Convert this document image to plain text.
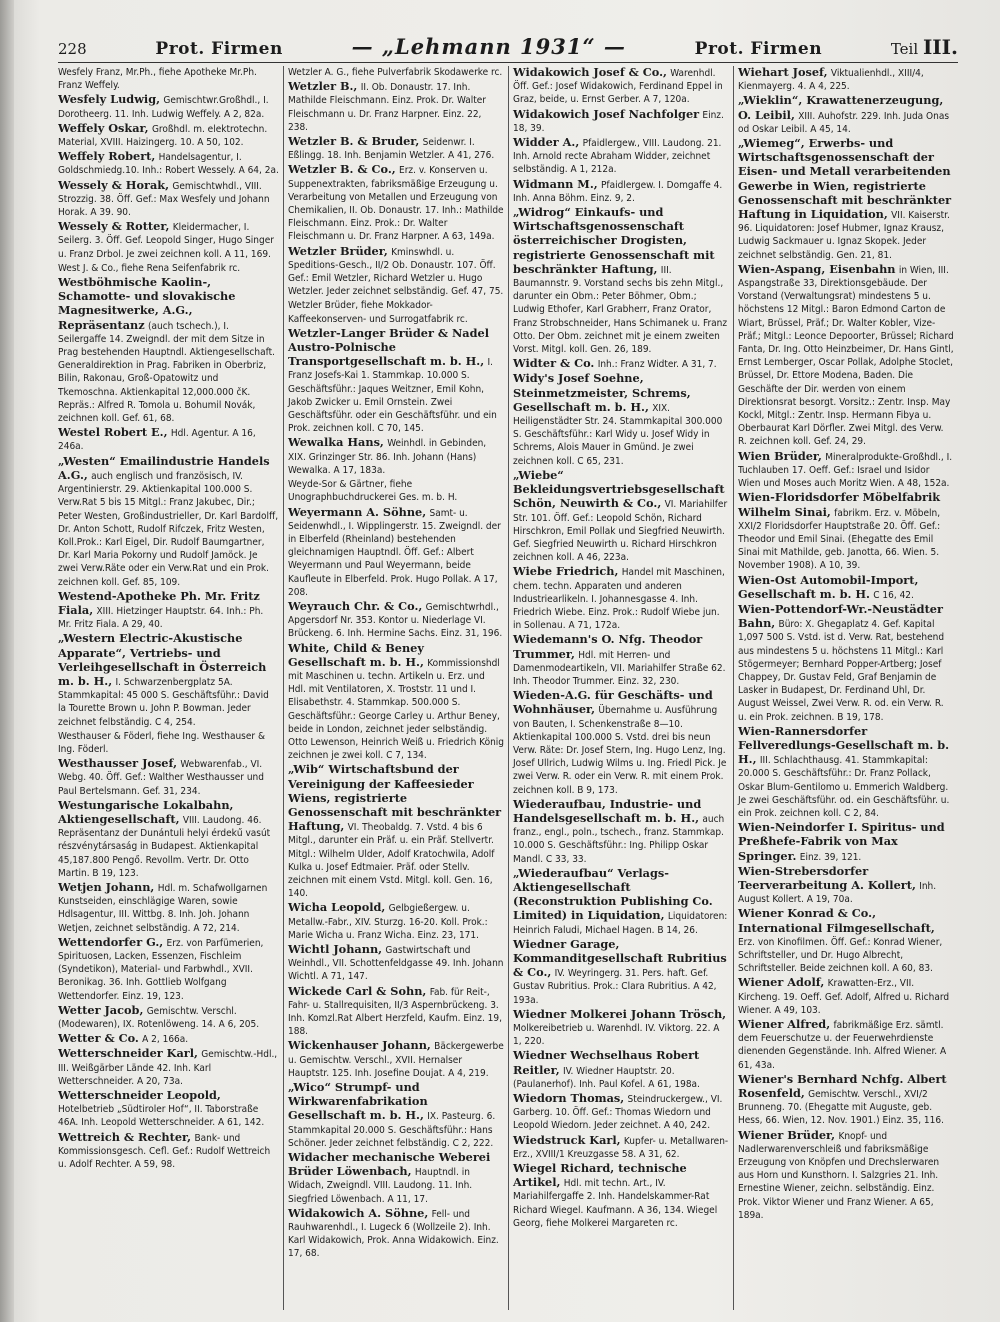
228	Prot. Firmen	— „Lehmann 1931“ —	Prot. Firmen	Teil III.
Wesfely Franz, Mr.Ph., fiehe Apotheke Mr.Ph. Franz Weffely.
Wesfely Ludwig, Gemischtwr.Großhdl., I. Dorotheerg. 11. Inh. Ludwig Weffely. A 2, 82a.
Weffely Oskar, Großhdl. m. elektrotechn. Material, XVIII. Haizingerg. 10. A 50, 102.
Weffely Robert, Handelsagentur, I. Goldschmiedg.10. Inh.: Robert Wessely. A 64, 2a.
Wessely & Horak, Gemischtwhdl., VIII. Strozzig. 38. Öff. Gef.: Max Wesfely und Johann Horak. A 39. 90.
Wessely & Rotter, Kleidermacher, I. Seilerg. 3. Öff. Gef. Leopold Singer, Hugo Singer u. Franz Drbol. Je zwei zeichnen koll. A 11, 169.
West J. & Co., fiehe Rena Seifenfabrik rc.
Westböhmische Kaolin-, Schamotte- und slovakische Magnesitwerke, A.G., Repräsentanz (auch tschech.), I. Seilergaffe 14. Zweigndl. der mit dem Sitze in Prag bestehenden Hauptndl. Aktiengesellschaft. Generaldirektion in Prag. Fabriken in Oberbriz, Bilin, Rakonau, Groß-Opatowitz und Tkemoschna. Aktienkapital 12,000.000 čK. Repräs.: Alfred R. Tomola u. Bohumil Novák, zeichnen koll. Gef. 61, 68.
Westel Robert E., Hdl. Agentur. A 16, 246a.
„Westen“ Emailindustrie Handels A.G., auch englisch und französisch, IV. Argentinierstr. 29. Aktienkapital 100.000 S. Verw.Rat 5 bis 15 Mitgl.: Franz Jakubec, Dir.; Peter Westen, Großindustrieller, Dr. Karl Bardolff, Dr. Anton Schott, Rudolf Rifczek, Fritz Westen, Koll.Prok.: Karl Eigel, Dir. Rudolf Baumgartner, Dr. Karl Maria Pokorny und Rudolf Jamöck. Je zwei Verw.Räte oder ein Verw.Rat und ein Prok. zeichnen koll. Gef. 85, 109.
Westend-Apotheke Ph. Mr. Fritz Fiala, XIII. Hietzinger Hauptstr. 64. Inh.: Ph. Mr. Fritz Fiala. A 29, 40.
„Western Electric-Akustische Apparate“, Vertriebs- und Verleihgesellschaft in Österreich m. b. H., I. Schwarzenbergplatz 5A. Stammkapital: 45 000 S. Geschäftsführ.: David la Tourette Brown u. John P. Bowman. Jeder zeichnet felbständig. C 4, 254.
Westhauser & Föderl, fiehe Ing. Westhauser & Ing. Föderl.
Westhausser Josef, Webwarenfab., VI. Webg. 40. Öff. Gef.: Walther Westhausser und Paul Bertelsmann. Gef. 31, 234.
Westungarische Lokalbahn, Aktiengesellschaft, VIII. Laudong. 46. Repräsentanz der Dunántuli helyi érdekű vasút részvénytársaság in Budapest. Aktienkapital 45,187.800 Pengő. Revollm. Vertr. Dr. Otto Martin. B 19, 123.
Wetjen Johann, Hdl. m. Schafwollgarnen Kunstseiden, einschlägige Waren, sowie Hdlsagentur, III. Wittbg. 8. Inh. Joh. Johann Wetjen, zeichnet selbständig. A 72, 214.
Wettendorfer G., Erz. von Parfümerien, Spirituosen, Lacken, Essenzen, Fischleim (Syndetikon), Material- und Farbwhdl., XVII. Beronikag. 36. Inh. Gottlieb Wolfgang Wettendorfer. Einz. 19, 123.
Wetter Jacob, Gemischtw. Verschl. (Modewaren), IX. Rotenlöweng. 14. A 6, 205.
Wetter & Co. A 2, 166a.
Wetterschneider Karl, Gemischtw.-Hdl., III. Weißgärber Lände 42. Inh. Karl Wetterschneider. A 20, 73a.
Wetterschneider Leopold, Hotelbetrieb „Südtiroler Hof“, II. Taborstraße 46A. Inh. Leopold Wetterschneider. A 61, 142.
Wettreich & Rechter, Bank- und Kommissionsgesch. Cefl. Gef.: Rudolf Wettreich u. Adolf Rechter. A 59, 98.
Wetzler A. G., fiehe Pulverfabrik Skodawerke rc.
Wetzler B., II. Ob. Donaustr. 17. Inh. Mathilde Fleischmann. Einz. Prok. Dr. Walter Fleischmann u. Dr. Franz Harpner. Einz. 22, 238.
Wetzler B. & Bruder, Seidenwr. I. Eßlingg. 18. Inh. Benjamin Wetzler. A 41, 276.
Wetzler B. & Co., Erz. v. Konserven u. Suppenextrakten, fabriksmäßige Erzeugung u. Verarbeitung von Metallen und Erzeugung von Chemikalien, II. Ob. Donaustr. 17. Inh.: Mathilde Fleischmann. Einz. Prok.: Dr. Walter Fleischmann u. Dr. Franz Harpner. A 63, 149a.
Wetzler Brüder, Kminswhdl. u. Speditions-Gesch., II/2 Ob. Donaustr. 107. Öff. Gef.: Emil Wetzler, Richard Wetzler u. Hugo Wetzler. Jeder zeichnet selbständig. Gef. 47, 75.
Wetzler Brüder, fiehe Mokkador-Kaffeekonserven- und Surrogatfabrik rc.
Wetzler-Langer Brüder & Nadel Austro-Polnische Transportgesellschaft m. b. H., I. Franz Josefs-Kai 1. Stammkap. 10.000 S. Geschäftsführ.: Jaques Weitzner, Emil Kohn, Jakob Zwicker u. Emil Ornstein. Zwei Geschäftsführ. oder ein Geschäftsführ. und ein Prok. zeichnen koll. C 70, 145.
Wewalka Hans, Weinhdl. in Gebinden, XIX. Grinzinger Str. 86. Inh. Johann (Hans) Wewalka. A 17, 183a.
Weyde-Sor & Gärtner, fiehe Unographbuchdruckerei Ges. m. b. H.
Weyermann A. Söhne, Samt- u. Seidenwhdl., I. Wipplingerstr. 15. Zweigndl. der in Elberfeld (Rheinland) bestehenden gleichnamigen Hauptndl. Öff. Gef.: Albert Weyermann und Paul Weyermann, beide Kaufleute in Elberfeld. Prok. Hugo Pollak. A 17, 208.
Weyrauch Chr. & Co., Gemischtwrhdl., Apgersdorf Nr. 353. Kontor u. Niederlage VI. Brückeng. 6. Inh. Hermine Sachs. Einz. 31, 196.
White, Child & Beney Gesellschaft m. b. H., Kommissionshdl mit Maschinen u. techn. Artikeln u. Erz. und Hdl. mit Ventilatoren, X. Troststr. 11 und I. Elisabethstr. 4. Stammkap. 500.000 S. Geschäftsführ.: George Carley u. Arthur Beney, beide in London, zeichnet jeder selbständig. Otto Lewenson, Heinrich Weiß u. Friedrich König zeichnen je zwei koll. C 7, 134.
„Wib“ Wirtschaftsbund der Vereinigung der Kaffeesieder Wiens, registrierte Genossenschaft mit beschränkter Haftung, VI. Theobaldg. 7. Vstd. 4 bis 6 Mitgl., darunter ein Präf. u. ein Präf. Stellvertr. Mitgl.: Wilhelm Ulder, Adolf Kratochwila, Adolf Kulka u. Josef Edtmaier. Präf. oder Stellv. zeichnen mit einem Vstd. Mitgl. koll. Gen. 16, 140.
Wicha Leopold, Gelbgießergew. u. Metallw.-Fabr., XIV. Sturzg. 16-20. Koll. Prok.: Marie Wicha u. Franz Wicha. Einz. 23, 171.
Wichtl Johann, Gastwirtschaft und Weinhdl., VII. Schottenfeldgasse 49. Inh. Johann Wichtl. A 71, 147.
Wickede Carl & Sohn, Fab. für Reit-, Fahr- u. Stallrequisiten, II/3 Aspernbrückeng. 3. Inh. Komzl.Rat Albert Herzfeld, Kaufm. Einz. 19, 188.
Wickenhauser Johann, Bäckergewerbe u. Gemischtw. Verschl., XVII. Hernalser Hauptstr. 125. Inh. Josefine Doujat. A 4, 219.
„Wico“ Strumpf- und Wirkwarenfabrikation Gesellschaft m. b. H., IX. Pasteurg. 6. Stammkapital 20.000 S. Geschäftsführ.: Hans Schöner. Jeder zeichnet felbständig. C 2, 222.
Widacher mechanische Weberei Brüder Löwenbach, Hauptndl. in Widach, Zweigndl. VIII. Laudong. 11. Inh. Siegfried Löwenbach. A 11, 17.
Widakowich A. Söhne, Fell- und Rauhwarenhdl., I. Lugeck 6 (Wollzeile 2). Inh. Karl Widakowich, Prok. Anna Widakowich. Einz. 17, 68.
Widakowich Josef & Co., Warenhdl. Öff. Gef.: Josef Widakowich, Ferdinand Eppel in Graz, beide, u. Ernst Gerber. A 7, 120a.
Widakowich Josef Nachfolger Einz. 18, 39.
Widder A., Pfaidlergew., VIII. Laudong. 21. Inh. Arnold recte Abraham Widder, zeichnet selbständig. A 1, 212a.
Widmann M., Pfaidlergew. I. Domgaffe 4. Inh. Anna Böhm. Einz. 9, 2.
„Widrog“ Einkaufs- und Wirtschaftsgenossenschaft österreichischer Drogisten, registrierte Genossenschaft mit beschränkter Haftung, III. Baumannstr. 9. Vorstand sechs bis zehn Mitgl., darunter ein Obm.: Peter Böhmer, Obm.; Ludwig Ethofer, Karl Grabherr, Franz Orator, Franz Strobschneider, Hans Schimanek u. Franz Otto. Der Obm. zeichnet mit je einem zweiten Vorst. Mitgl. koll. Gen. 26, 189.
Widter & Co. Inh.: Franz Widter. A 31, 7.
Widy's Josef Soehne, Steinmetzmeister, Schrems, Gesellschaft m. b. H., XIX. Heiligenstädter Str. 24. Stammkapital 300.000 S. Geschäftsführ.: Karl Widy u. Josef Widy in Schrems, Alois Mauer in Gmünd. Je zwei zeichnen koll. C 65, 231.
„Wiebe“ Bekleidungsvertriebsgesellschaft Schön, Neuwirth & Co., VI. Mariahilfer Str. 101. Öff. Gef.: Leopold Schön, Richard Hirschkron, Emil Pollak und Siegfried Neuwirth. Gef. Siegfried Neuwirth u. Richard Hirschkron zeichnen koll. A 46, 223a.
Wiebe Friedrich, Handel mit Maschinen, chem. techn. Apparaten und anderen Industriearlikeln. I. Johannesgasse 4. Inh. Friedrich Wiebe. Einz. Prok.: Rudolf Wiebe jun. in Sollenau. A 71, 172a.
Wiedemann's O. Nfg. Theodor Trummer, Hdl. mit Herren- und Damenmodeartikeln, VII. Mariahilfer Straße 62. Inh. Theodor Trummer. Einz. 32, 230.
Wieden-A.G. für Geschäfts- und Wohnhäuser, Übernahme u. Ausführung von Bauten, I. Schenkenstraße 8—10. Aktienkapital 100.000 S. Vstd. drei bis neun Verw. Räte: Dr. Josef Stern, Ing. Hugo Lenz, Ing. Josef Ullrich, Ludwig Wilms u. Ing. Friedl Pick. Je zwei Verw. R. oder ein Verw. R. mit einem Prok. zeichnen koll. B 9, 173.
Wiederaufbau, Industrie- und Handelsgesellschaft m. b. H., auch franz., engl., poln., tschech., franz. Stammkap. 10.000 S. Geschäftsführ.: Ing. Philipp Oskar Mandl. C 33, 33.
„Wiederaufbau“ Verlags-Aktiengesellschaft (Reconstruktion Publishing Co. Limited) in Liquidation, Liquidatoren: Heinrich Faludi, Michael Hagen. B 14, 26.
Wiedner Garage, Kommanditgesellschaft Rubritius & Co., IV. Weyringerg. 31. Pers. haft. Gef. Gustav Rubritius. Prok.: Clara Rubritius. A 42, 193a.
Wiedner Molkerei Johann Trösch, Molkereibetrieb u. Warenhdl. IV. Viktorg. 22. A 1, 220.
Wiedner Wechselhaus Robert Reitler, IV. Wiedner Hauptstr. 20. (Paulanerhof). Inh. Paul Kofel. A 61, 198a.
Wiedorn Thomas, Steindruckergew., VI. Garberg. 10. Öff. Gef.: Thomas Wiedorn und Leopold Wiedorn. Jeder zeichnet. A 40, 242.
Wiedstruck Karl, Kupfer- u. Metallwaren-Erz., XVIII/1 Kreuzgasse 58. A 31, 62.
Wiegel Richard, technische Artikel, Hdl. mit techn. Art., IV. Mariahilfergaffe 2. Inh. Handelskammer-Rat Richard Wiegel. Kaufmann. A 36, 134. Wiegel Georg, fiehe Molkerei Margareten rc.
Wiehart Josef, Viktualienhdl., XIII/4, Kienmayerg. 4. A 4, 225.
„Wieklin“, Krawattenerzeugung, O. Leibil, XIII. Auhofstr. 229. Inh. Juda Onas od Oskar Leibil. A 45, 14.
„Wiemeg“, Erwerbs- und Wirtschaftsgenossenschaft der Eisen- und Metall verarbeitenden Gewerbe in Wien, registrierte Genossenschaft mit beschränkter Haftung in Liquidation, VII. Kaiserstr. 96. Liquidatoren: Josef Hubmer, Ignaz Krausz, Ludwig Sackmauer u. Ignaz Skopek. Jeder zeichnet selbständig. Gen. 21, 81.
Wien-Aspang, Eisenbahn in Wien, III. Aspangstraße 33, Direktionsgebäude. Der Vorstand (Verwaltungsrat) mindestens 5 u. höchstens 12 Mitgl.: Baron Edmond Carton de Wiart, Brüssel, Präf.; Dr. Walter Kobler, Vize-Präf.; Mitgl.: Leonce Depoorter, Brüssel; Richard Fanta, Dr. Ing. Otto Heinzbeimer, Dr. Hans Gintl, Ernst Lemberger, Oscar Pollak, Adolphe Stoclet, Brüssel, Dr. Ettore Modena, Baden. Die Geschäfte der Dir. werden von einem Direktionsrat besorgt. Vorsitz.: Zentr. Insp. May Kockl, Mitgl.: Zentr. Insp. Hermann Fibya u. Oberbaurat Karl Dörfler. Zwei Mitgl. des Verw. R. zeichnen koll. Gef. 24, 29.
Wien Brüder, Mineralprodukte-Großhdl., I. Tuchlauben 17. Oeff. Gef.: Israel und Isidor Wien und Moses auch Moritz Wien. A 48, 152a.
Wien-Floridsdorfer Möbelfabrik Wilhelm Sinai, fabrikm. Erz. v. Möbeln, XXI/2 Floridsdorfer Hauptstraße 20. Öff. Gef.: Theodor und Emil Sinai. (Ehegatte des Emil Sinai mit Mathilde, geb. Janotta, 66. Wien. 5. November 1908). A 10, 39.
Wien-Ost Automobil-Import, Gesellschaft m. b. H. C 16, 42.
Wien-Pottendorf-Wr.-Neustädter Bahn, Büro: X. Ghegaplatz 4. Gef. Kapital 1,097 500 S. Vstd. ist d. Verw. Rat, bestehend aus mindestens 5 u. höchstens 11 Mitgl.: Karl Stögermeyer; Bernhard Popper-Artberg; Josef Chappey, Dr. Gustav Feld, Graf Benjamin de Lasker in Budapest, Dr. Ferdinand Uhl, Dr. August Weissel, Zwei Verw. R. od. ein Verw. R. u. ein Prok. zeichnen. B 19, 178.
Wien-Rannersdorfer Fellveredlungs-Gesellschaft m. b. H., III. Schlachthausg. 41. Stammkapital: 20.000 S. Geschäftsführ.: Dr. Franz Pollack, Oskar Blum-Gentilomo u. Emmerich Waldberg. Je zwei Geschäftsführ. od. ein Geschäftsführ. u. ein Prok. zeichnen koll. C 2, 84.
Wien-Neindorfer I. Spiritus- und Preßhefe-Fabrik von Max Springer. Einz. 39, 121.
Wien-Strebersdorfer Teerverarbeitung A. Kollert, Inh. August Kollert. A 19, 70a.
Wiener Konrad & Co., International Filmgesellschaft, Erz. von Kinofilmen. Öff. Gef.: Konrad Wiener, Schriftsteller, und Dr. Hugo Albrecht, Schriftsteller. Beide zeichnen koll. A 60, 83.
Wiener Adolf, Krawatten-Erz., VII. Kircheng. 19. Oeff. Gef. Adolf, Alfred u. Richard Wiener. A 49, 103.
Wiener Alfred, fabrikmäßige Erz. sämtl. dem Feuerschutze u. der Feuerwehrdienste dienenden Gegenstände. Inh. Alfred Wiener. A 61, 43a.
Wiener's Bernhard Nchfg. Albert Rosenfeld, Gemischtw. Verschl., XVI/2 Brunneng. 70. (Ehegatte mit Auguste, geb. Hess, 66. Wien, 12. Nov. 1901.) Einz. 35, 116.
Wiener Brüder, Knopf- und Nadlerwarenverschleiß und fabriksmäßige Erzeugung von Knöpfen und Drechslerwaren aus Horn und Kunsthorn. I. Salzgries 21. Inh. Ernestine Wiener, zeichn. selbständig. Einz. Prok. Viktor Wiener und Franz Wiener. A 65, 189a.
